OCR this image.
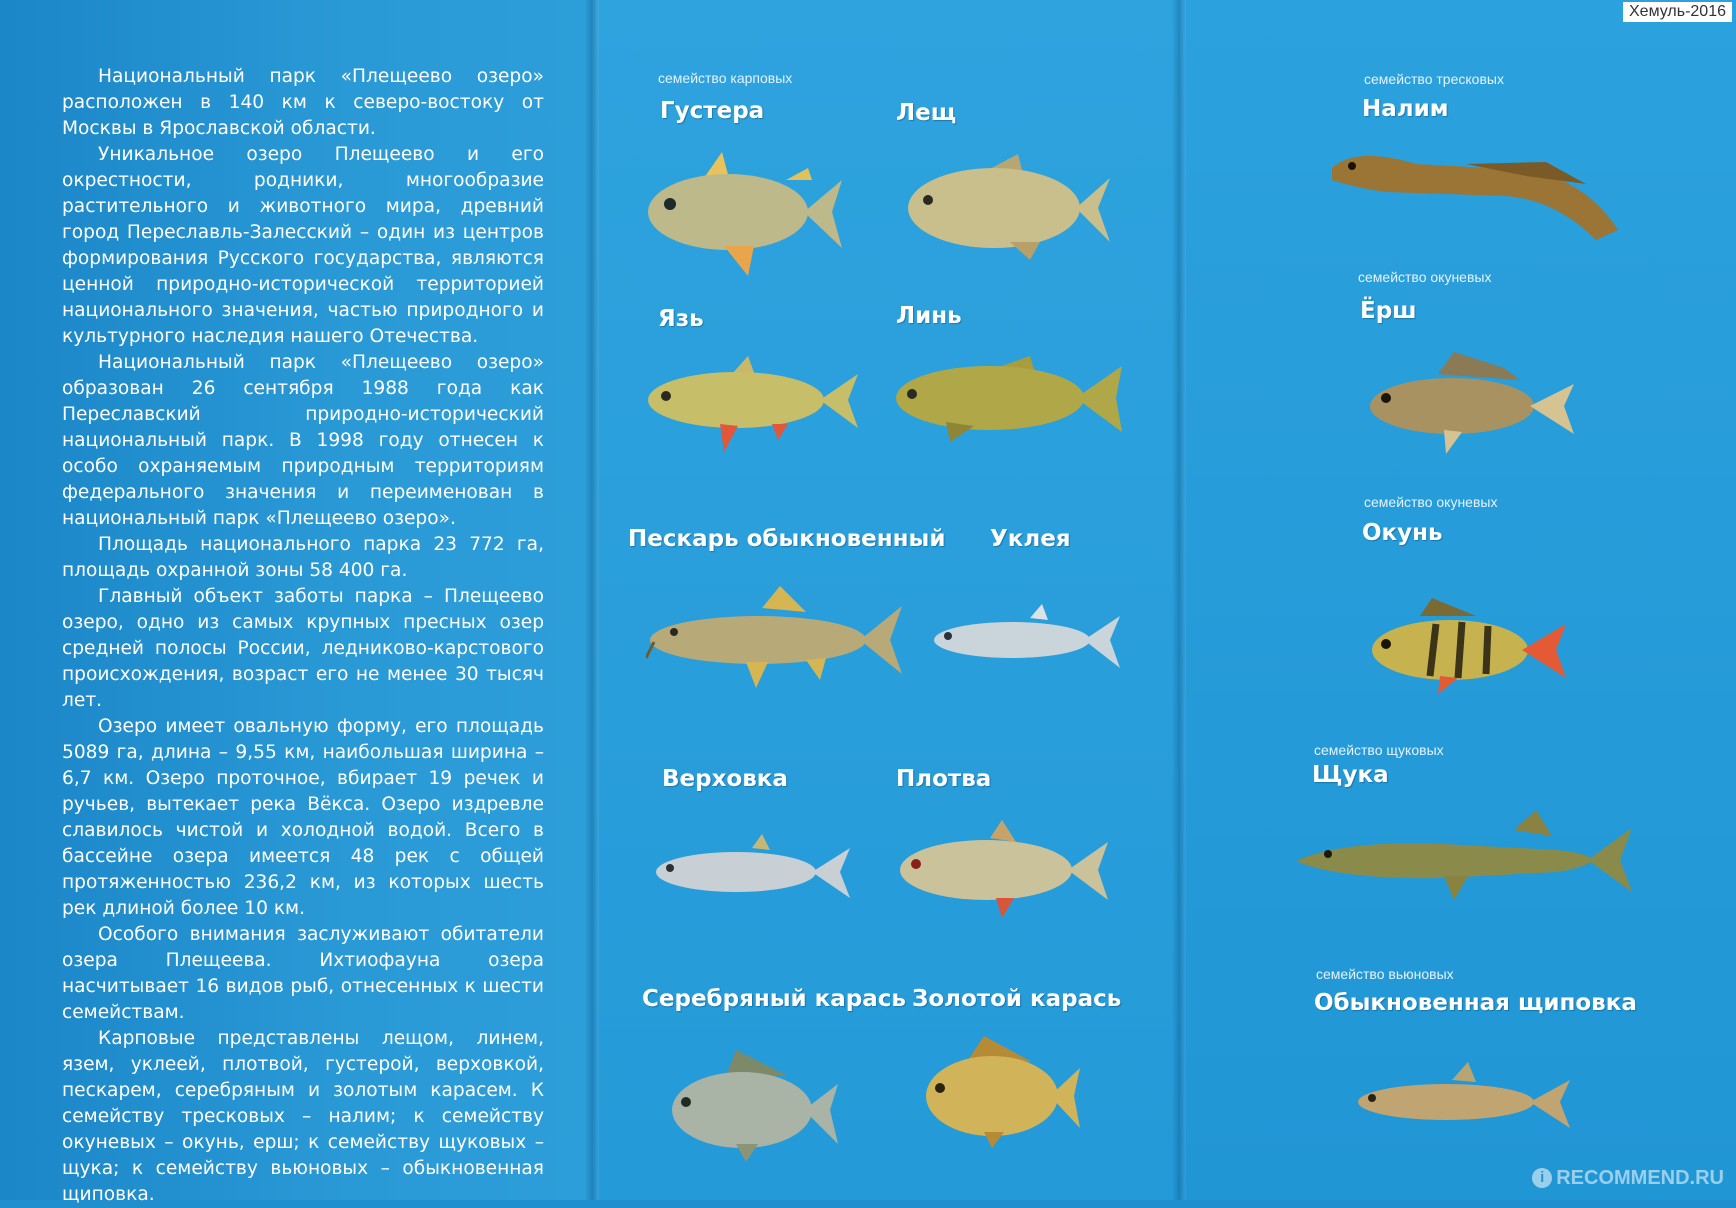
Национальный парк «Плещеево озеро» расположен в 140 км к северо-востоку от Москвы в Ярославской области.

Уникальное озеро Плещеево и его окрестности, родники, многообразие растительного и животного мира, древний город Переславль-Залесский – один из центров формирования Русского государства, являются ценной природно-исторической территорией национального значения, частью природного и культурного наследия нашего Отечества.

Национальный парк «Плещеево озеро» образован 26 сентября 1988 года как Переславский природно-исторический национальный парк. В 1998 году отнесен к особо охраняемым природным территориям федерального значения и переименован в национальный парк «Плещеево озеро».

Площадь национального парка 23 772 га, площадь охранной зоны 58 400 га.

Главный объект заботы парка – Плещеево озеро, одно из самых крупных пресных озер средней полосы России, ледниково-карстового происхождения, возраст его не менее 30 тысяч лет.

Озеро имеет овальную форму, его площадь 5089 га, длина – 9,55 км, наибольшая ширина – 6,7 км. Озеро проточное, вбирает 19 речек и ручьев, вытекает река Вёкса. Озеро издревле славилось чистой и холодной водой. Всего в бассейне озера имеется 48 рек с общей протяженностью 236,2 км, из которых шесть рек длиной более 10 км.

Особого внимания заслуживают обитатели озера Плещеева. Ихтиофауна озера насчитывает 16 видов рыб, отнесенных к шести семействам.

Карповые представлены лещом, линем, язем, уклеей, плотвой, густерой, верховкой, пескарем, серебряным и золотым карасем. К семейству тресковых – налим; к семейству окуневых – окунь, ерш; к семейству щуковых – щука; к семейству вьюновых – обыкновенная щиповка.

семейство карповых
Густера	Лещ
Язь	Линь
Пескарь обыкновенный Уклея
Верховка	Плотва
Серебряный карась Золотой карась
семейство тресковых
Налим
семейство окуневых
Ёрш
семейство окуневых
Окунь
семейство щуковых
Щука
семейство вьюновых
Обыкновенная щиповка
Хемуль-2016
i RECOMMEND.RU
